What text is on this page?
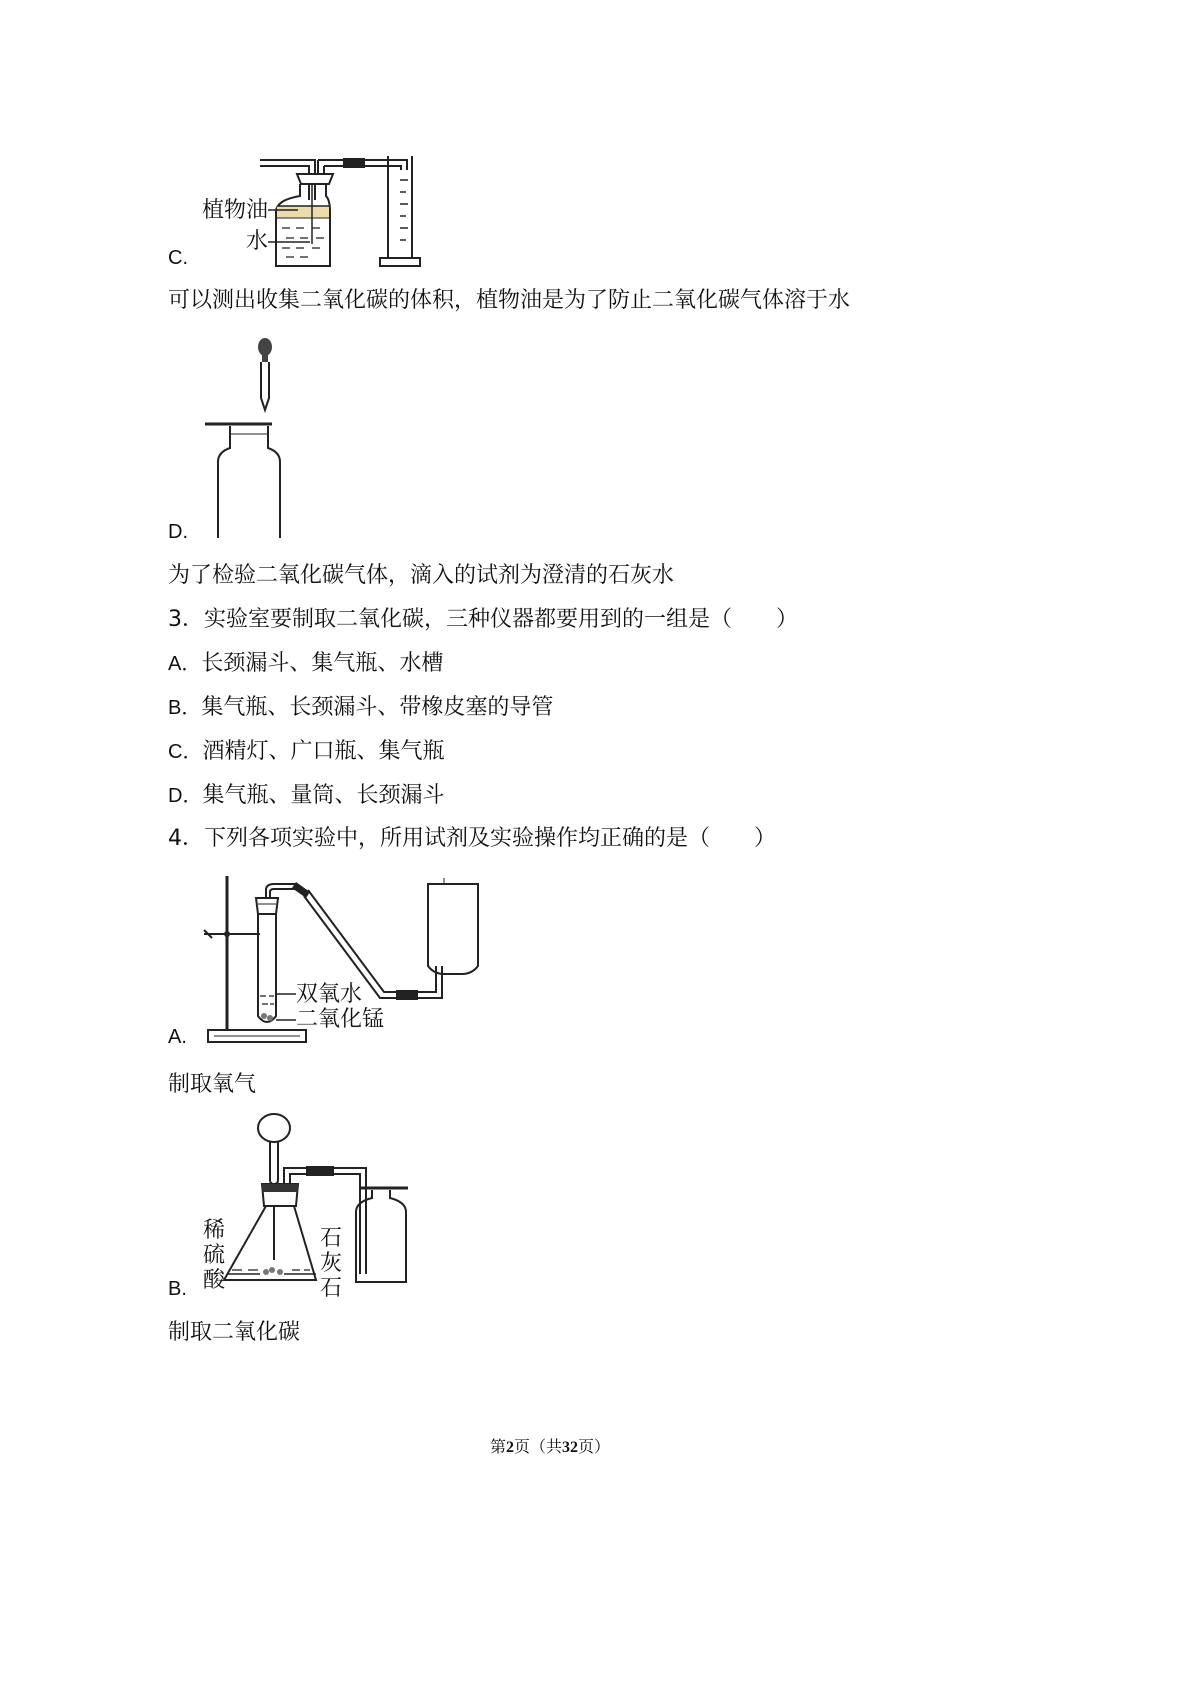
植物油
水
C.
可以测出收集二氧化碳的体积，植物油是为了防止二氧化碳气体溶于水
D.
为了检验二氧化碳气体，滴入的试剂为澄清的石灰水
3．实验室要制取二氧化碳，三种仪器都要用到的一组是（　　）
A．长颈漏斗、集气瓶、水槽
B．集气瓶、长颈漏斗、带橡皮塞的导管
C．酒精灯、广口瓶、集气瓶
D．集气瓶、量筒、长颈漏斗
4．下列各项实验中，所用试剂及实验操作均正确的是（　　）
双氧水
二氧化锰
A.
制取氧气
稀
硫
酸
石
灰
石
B.
制取二氧化碳
第2页（共32页）
